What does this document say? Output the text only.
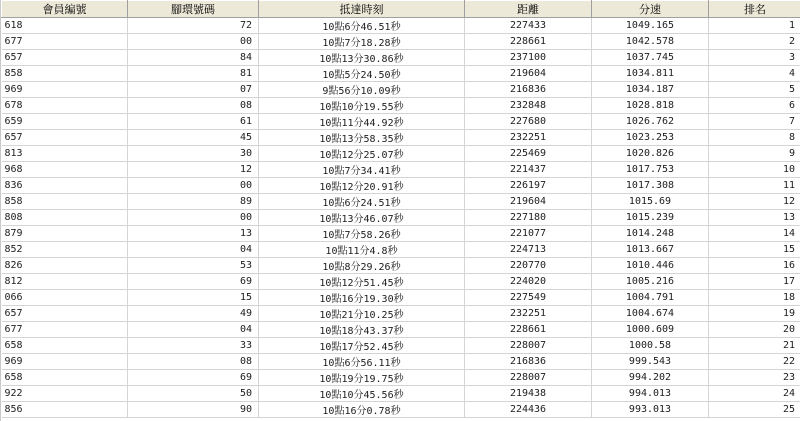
會員編號	腳環號碼	抵達時刻	距離	分速	排名
618	72	10點6分46.51秒	227433	1049.165	1
677	00	10點7分18.28秒	228661	1042.578	2
657	84	10點13分30.86秒	237100	1037.745	3
858	81	10點5分24.50秒	219604	1034.811	4
969	07	9點56分10.09秒	216836	1034.187	5
678	08	10點10分19.55秒	232848	1028.818	6
659	61	10點11分44.92秒	227680	1026.762	7
657	45	10點13分58.35秒	232251	1023.253	8
813	30	10點12分25.07秒	225469	1020.826	9
968	12	10點7分34.41秒	221437	1017.753	10
836	00	10點12分20.91秒	226197	1017.308	11
858	89	10點6分24.51秒	219604	1015.69	12
808	00	10點13分46.07秒	227180	1015.239	13
879	13	10點7分58.26秒	221077	1014.248	14
852	04	10點11分4.8秒	224713	1013.667	15
826	53	10點8分29.26秒	220770	1010.446	16
812	69	10點12分51.45秒	224020	1005.216	17
066	15	10點16分19.30秒	227549	1004.791	18
657	49	10點21分10.25秒	232251	1004.674	19
677	04	10點18分43.37秒	228661	1000.609	20
658	33	10點17分52.45秒	228007	1000.58	21
969	08	10點6分56.11秒	216836	999.543	22
658	69	10點19分19.75秒	228007	994.202	23
922	50	10點10分45.56秒	219438	994.013	24
856	90	10點16分0.78秒	224436	993.013	25
